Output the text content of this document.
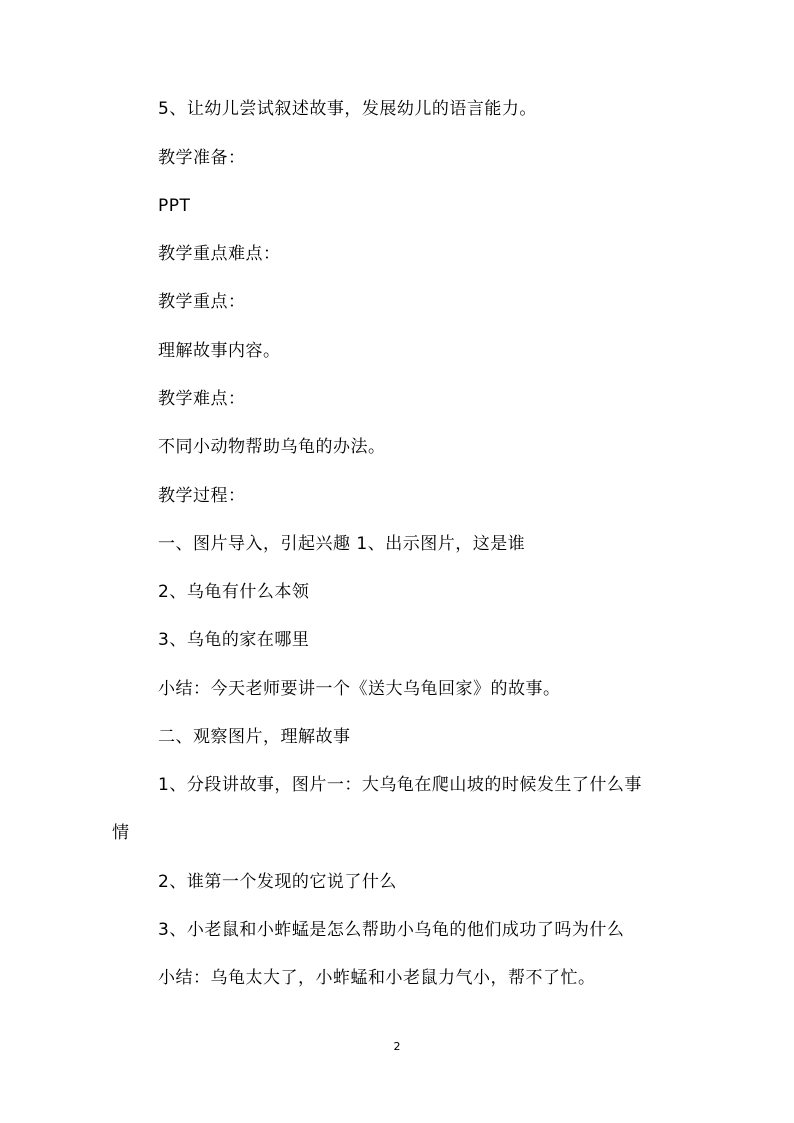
5、让幼儿尝试叙述故事，发展幼儿的语言能力。
教学准备：
PPT
教学重点难点：
教学重点：
理解故事内容。
教学难点：
不同小动物帮助乌龟的办法。
教学过程：
一、图片导入，引起兴趣 1、出示图片，这是谁
2、乌龟有什么本领
3、乌龟的家在哪里
小结：今天老师要讲一个《送大乌龟回家》的故事。
二、观察图片，理解故事
1、分段讲故事，图片一：大乌龟在爬山坡的时候发生了什么事
情
2、谁第一个发现的它说了什么
3、小老鼠和小蚱蜢是怎么帮助小乌龟的他们成功了吗为什么
小结：乌龟太大了，小蚱蜢和小老鼠力气小，帮不了忙。
2
